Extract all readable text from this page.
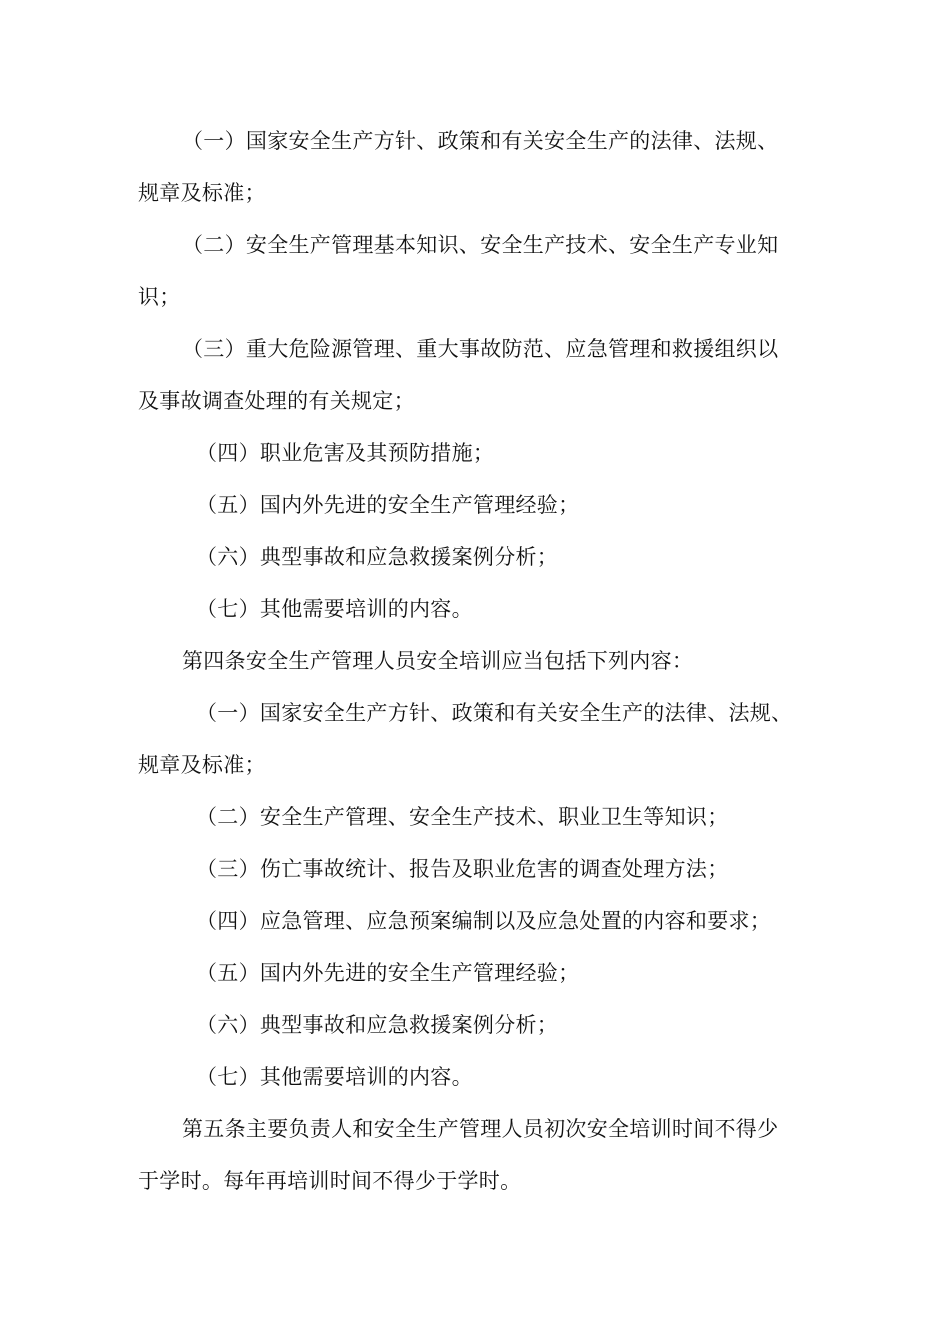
（一）国家安全生产方针、政策和有关安全生产的法律、法规、
规章及标准；
（二）安全生产管理基本知识、安全生产技术、安全生产专业知
识；
（三）重大危险源管理、重大事故防范、应急管理和救援组织以
及事故调查处理的有关规定；
（四）职业危害及其预防措施；
（五）国内外先进的安全生产管理经验；
（六）典型事故和应急救援案例分析；
（七）其他需要培训的内容。
第四条安全生产管理人员安全培训应当包括下列内容：
（一）国家安全生产方针、政策和有关安全生产的法律、法规、
规章及标准；
（二）安全生产管理、安全生产技术、职业卫生等知识；
（三）伤亡事故统计、报告及职业危害的调查处理方法；
（四）应急管理、应急预案编制以及应急处置的内容和要求；
（五）国内外先进的安全生产管理经验；
（六）典型事故和应急救援案例分析；
（七）其他需要培训的内容。
第五条主要负责人和安全生产管理人员初次安全培训时间不得少
于学时。每年再培训时间不得少于学时。
